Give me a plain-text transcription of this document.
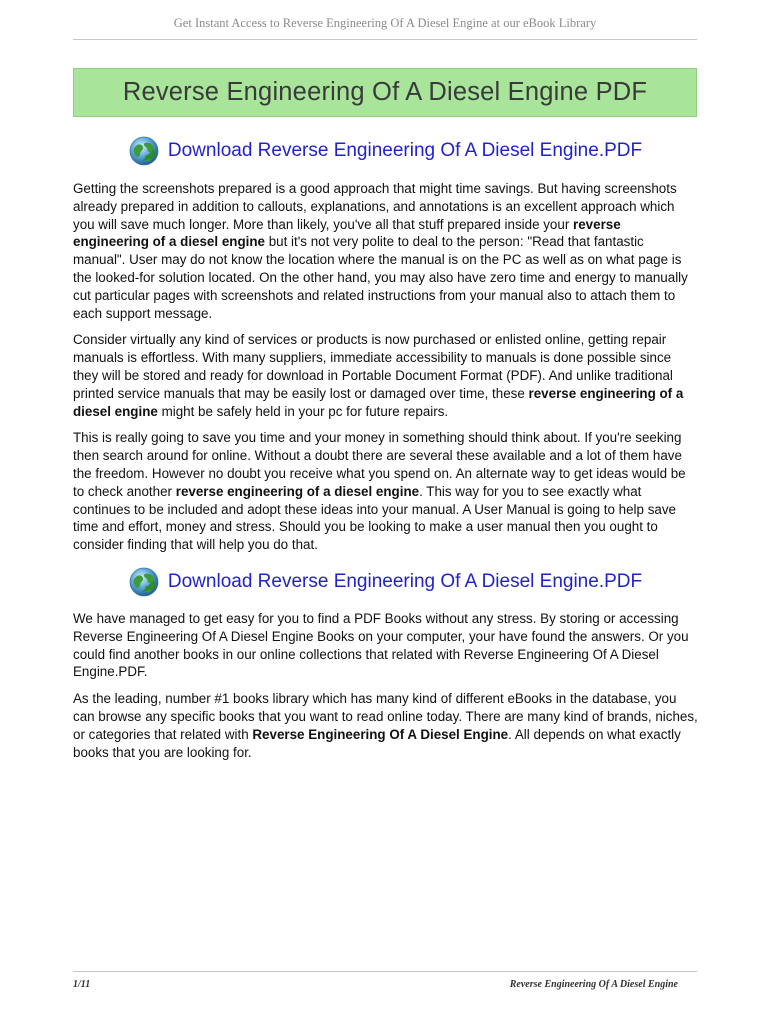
Get Instant Access to Reverse Engineering Of A Diesel Engine at our eBook Library
Reverse Engineering Of A Diesel Engine PDF
Download Reverse Engineering Of A Diesel Engine.PDF

Getting the screenshots prepared is a good approach that might time savings. But having screenshots already prepared in addition to callouts, explanations, and annotations is an excellent approach which you will save much longer. More than likely, you've all that stuff prepared inside your reverse engineering of a diesel engine but it's not very polite to deal to the person: "Read that fantastic manual". User may do not know the location where the manual is on the PC as well as on what page is the looked-for solution located. On the other hand, you may also have zero time and energy to manually cut particular pages with screenshots and related instructions from your manual also to attach them to each support message.

Consider virtually any kind of services or products is now purchased or enlisted online, getting repair manuals is effortless. With many suppliers, immediate accessibility to manuals is done possible since they will be stored and ready for download in Portable Document Format (PDF). And unlike traditional printed service manuals that may be easily lost or damaged over time, these reverse engineering of a diesel engine might be safely held in your pc for future repairs.

This is really going to save you time and your money in something should think about. If you're seeking then search around for online. Without a doubt there are several these available and a lot of them have the freedom. However no doubt you receive what you spend on. An alternate way to get ideas would be to check another reverse engineering of a diesel engine. This way for you to see exactly what continues to be included and adopt these ideas into your manual. A User Manual is going to help save time and effort, money and stress. Should you be looking to make a user manual then you ought to consider finding that will help you do that.

Download Reverse Engineering Of A Diesel Engine.PDF

We have managed to get easy for you to find a PDF Books without any stress. By storing or accessing Reverse Engineering Of A Diesel Engine Books on your computer, your have found the answers. Or you could find another books in our online collections that related with Reverse Engineering Of A Diesel Engine.PDF.

As the leading, number #1 books library which has many kind of different eBooks in the database, you can browse any specific books that you want to read online today. There are many kind of brands, niches, or categories that related with Reverse Engineering Of A Diesel Engine. All depends on what exactly books that you are looking for.

1/11	Reverse Engineering Of A Diesel Engine
